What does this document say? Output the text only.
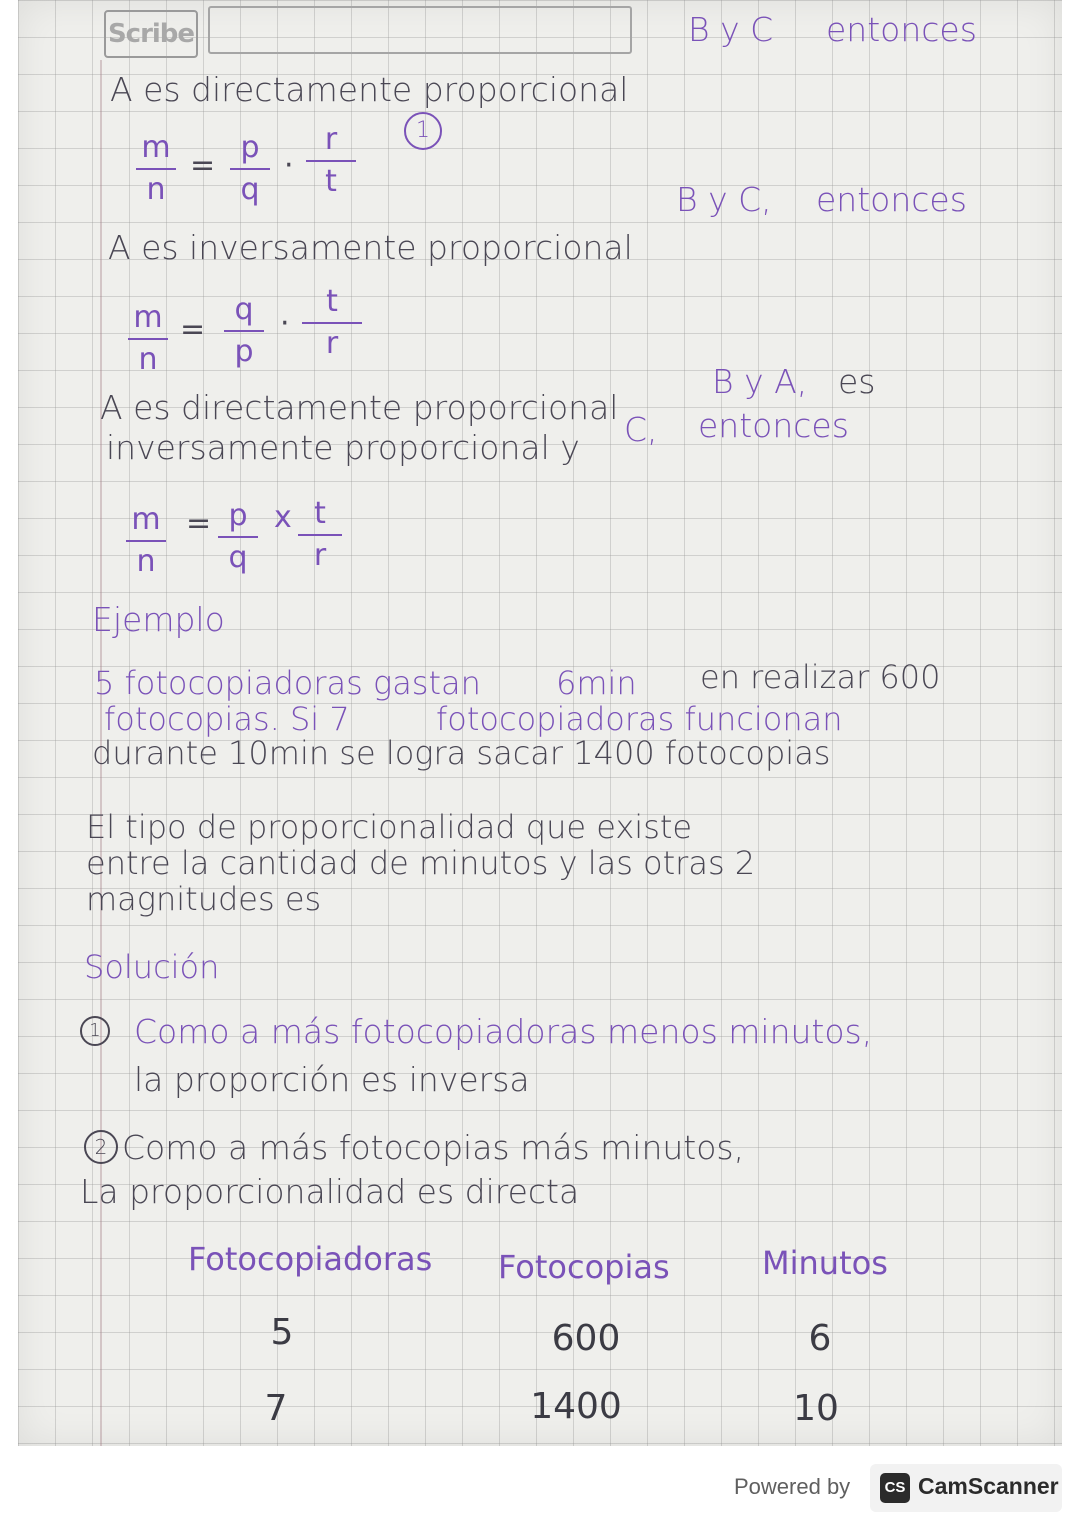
Scribe
A es directamente proporcional
B y C entonces
m
n
=
p
q
·
r
t
1
A es inversamente proporcional
B y C, entonces
m
n
=
q
p
·
t
r
A es directamente proporcional
B y A, es
inversamente proporcional y C, entonces
m
n
= p
q
x t
r
Ejemplo
5 fotocopiadoras gastan 6min en realizar 600
fotocopias. Si 7	fotocopiadoras funcionan
durante 10min se logra sacar 1400 fotocopias
El tipo de proporcionalidad que existe
entre la cantidad de minutos y las otras 2
magnitudes es
Solución
1 Como a más fotocopiadoras menos minutos,
la proporción es inversa
2 Como a más fotocopias más minutos,
La proporcionalidad es directa
Fotocopiadoras Fotocopias	Minutos
5	600	6
7	1400	10
Powered by	CS CamScanner
